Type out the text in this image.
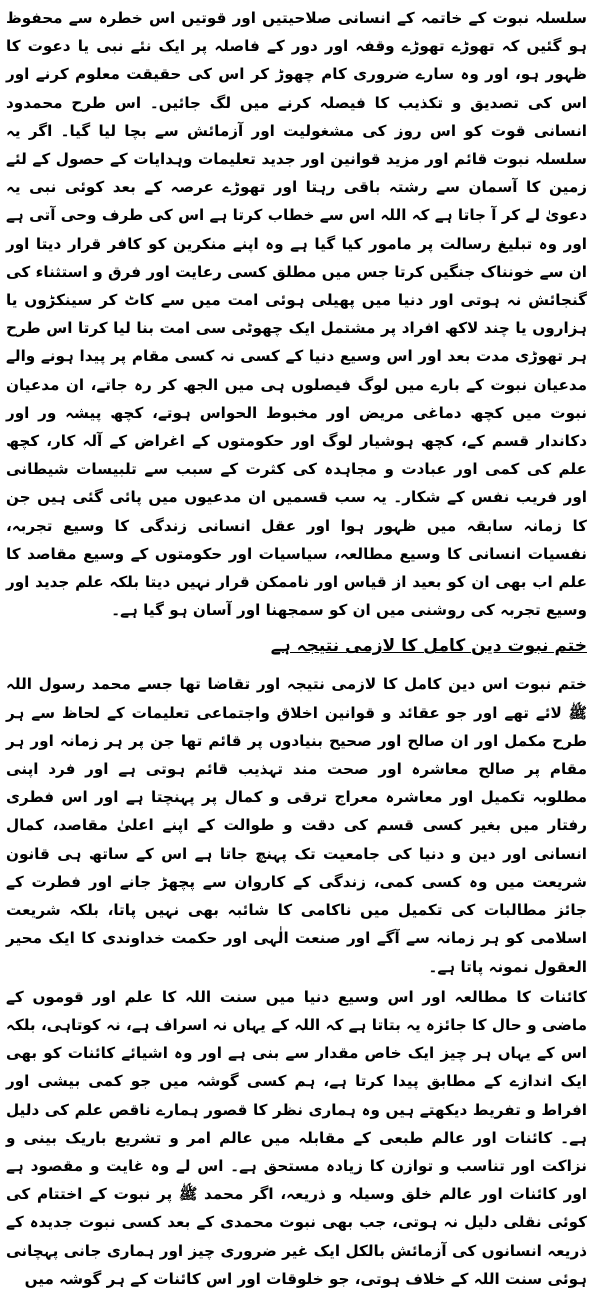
سلسلہ نبوت کے خاتمہ کے انسانی صلاحیتیں اور قوتیں اس خطرہ سے محفوظ ہو گئیں کہ تھوڑے تھوڑے وقفہ اور دور کے فاصلہ پر ایک نئے نبی یا دعوت کا ظہور ہو، اور وہ سارے ضروری کام چھوڑ کر اس کی حقیقت معلوم کرنے اور اس کی تصدیق و تکذیب کا فیصلہ کرنے میں لگ جائیں۔ اس طرح محمدود انسانی قوت کو اس روز کی مشغولیت اور آزمائش سے بچا لیا گیا۔ اگر یہ سلسلہ نبوت قائم اور مزید قوانین اور جدید تعلیمات وہدایات کے حصول کے لئے زمین کا آسمان سے رشتہ باقی رہتا اور تھوڑے عرصہ کے بعد کوئی نبی یہ دعویٰ لے کر آ جاتا ہے کہ اللہ اس سے خطاب کرتا ہے اس کی طرف وحی آتی ہے اور وہ تبلیغ رسالت پر مامور کیا گیا ہے وہ اپنے منکرین کو کافر قرار دیتا اور ان سے خونناک جنگیں کرتا جس میں مطلق کسی رعایت اور فرق و استثناء کی گنجائش نہ ہوتی اور دنیا میں پھیلی ہوئی امت میں سے کاٹ کر سینکڑوں یا ہزاروں یا چند لاکھ افراد پر مشتمل ایک چھوٹی سی امت بنا لیا کرتا اس طرح ہر تھوڑی مدت بعد اور اس وسیع دنیا کے کسی نہ کسی مقام پر پیدا ہونے والے مدعیان نبوت کے بارے میں لوگ فیصلوں ہی میں الجھ کر رہ جاتے، ان مدعیان نبوت میں کچھ دماغی مریض اور مخبوط الحواس ہوتے، کچھ پیشہ ور اور دکاندار قسم کے، کچھ ہوشیار لوگ اور حکومتوں کے اغراض کے آلہ کار، کچھ علم کی کمی اور عبادت و مجاہدہ کی کثرت کے سبب سے تلبیسات شیطانی اور فریب نفس کے شکار۔ یہ سب قسمیں ان مدعیوں میں پائی گئی ہیں جن کا زمانہ سابقہ میں ظہور ہوا اور عقل انسانی زندگی کا وسیع تجربہ، نفسیات انسانی کا وسیع مطالعہ، سیاسیات اور حکومتوں کے وسیع مقاصد کا علم اب بھی ان کو بعید از قیاس اور ناممکن قرار نہیں دیتا بلکہ علم جدید اور وسیع تجربہ کی روشنی میں ان کو سمجھنا اور آسان ہو گیا ہے۔

ختم نبوت دین کامل کا لازمی نتیجہ ہے

ختم نبوت اس دین کامل کا لازمی نتیجہ اور تقاضا تھا جسے محمد رسول اللہ ﷺ لائے تھے اور جو عقائد و قوانین اخلاق واجتماعی تعلیمات کے لحاظ سے ہر طرح مکمل اور ان صالح اور صحیح بنیادوں پر قائم تھا جن پر ہر زمانہ اور ہر مقام پر صالح معاشرہ اور صحت مند تہذیب قائم ہوتی ہے اور فرد اپنی مطلوبہ تکمیل اور معاشرہ معراج ترقی و کمال پر پہنچتا ہے اور اس فطری رفتار میں بغیر کسی قسم کی دقت و طوالت کے اپنے اعلیٰ مقاصد، کمال انسانی اور دین و دنیا کی جامعیت تک پہنچ جاتا ہے اس کے ساتھ ہی قانون شریعت میں وہ کسی کمی، زندگی کے کاروان سے پچھڑ جانے اور فطرت کے جائز مطالبات کی تکمیل میں ناکامی کا شائبہ بھی نہیں پاتا، بلکہ شریعت اسلامی کو ہر زمانہ سے آگے اور صنعت الٰہی اور حکمت خداوندی کا ایک محیر العقول نمونہ پاتا ہے۔

کائنات کا مطالعہ اور اس وسیع دنیا میں سنت اللہ کا علم اور قوموں کے ماضی و حال کا جائزہ یہ بتاتا ہے کہ اللہ کے یہاں نہ اسراف ہے، نہ کوتاہی، بلکہ اس کے یہاں ہر چیز ایک خاص مقدار سے بنی ہے اور وہ اشیائے کائنات کو بھی ایک اندازے کے مطابق پیدا کرتا ہے، ہم کسی گوشہ میں جو کمی بیشی اور افراط و تفریط دیکھتے ہیں وہ ہماری نظر کا قصور ہمارے ناقص علم کی دلیل ہے۔ کائنات اور عالم طبعی کے مقابلہ میں عالم امر و تشریع باریک بینی و نزاکت اور تناسب و توازن کا زیادہ مستحق ہے۔ اس لے وہ غایت و مقصود ہے اور کائنات اور عالم خلق وسیلہ و ذریعہ، اگر محمد ﷺ پر نبوت کے اختتام کی کوئی نقلی دلیل نہ ہوتی، جب بھی نبوت محمدی کے بعد کسی نبوت جدیدہ کے ذریعہ انسانوں کی آزمائش بالکل ایک غیر ضروری چیز اور ہماری جانی پہچانی ہوئی سنت اللہ کے خلاف ہوتی، جو خلوقات اور اس کائنات کے ہر گوشہ میں
